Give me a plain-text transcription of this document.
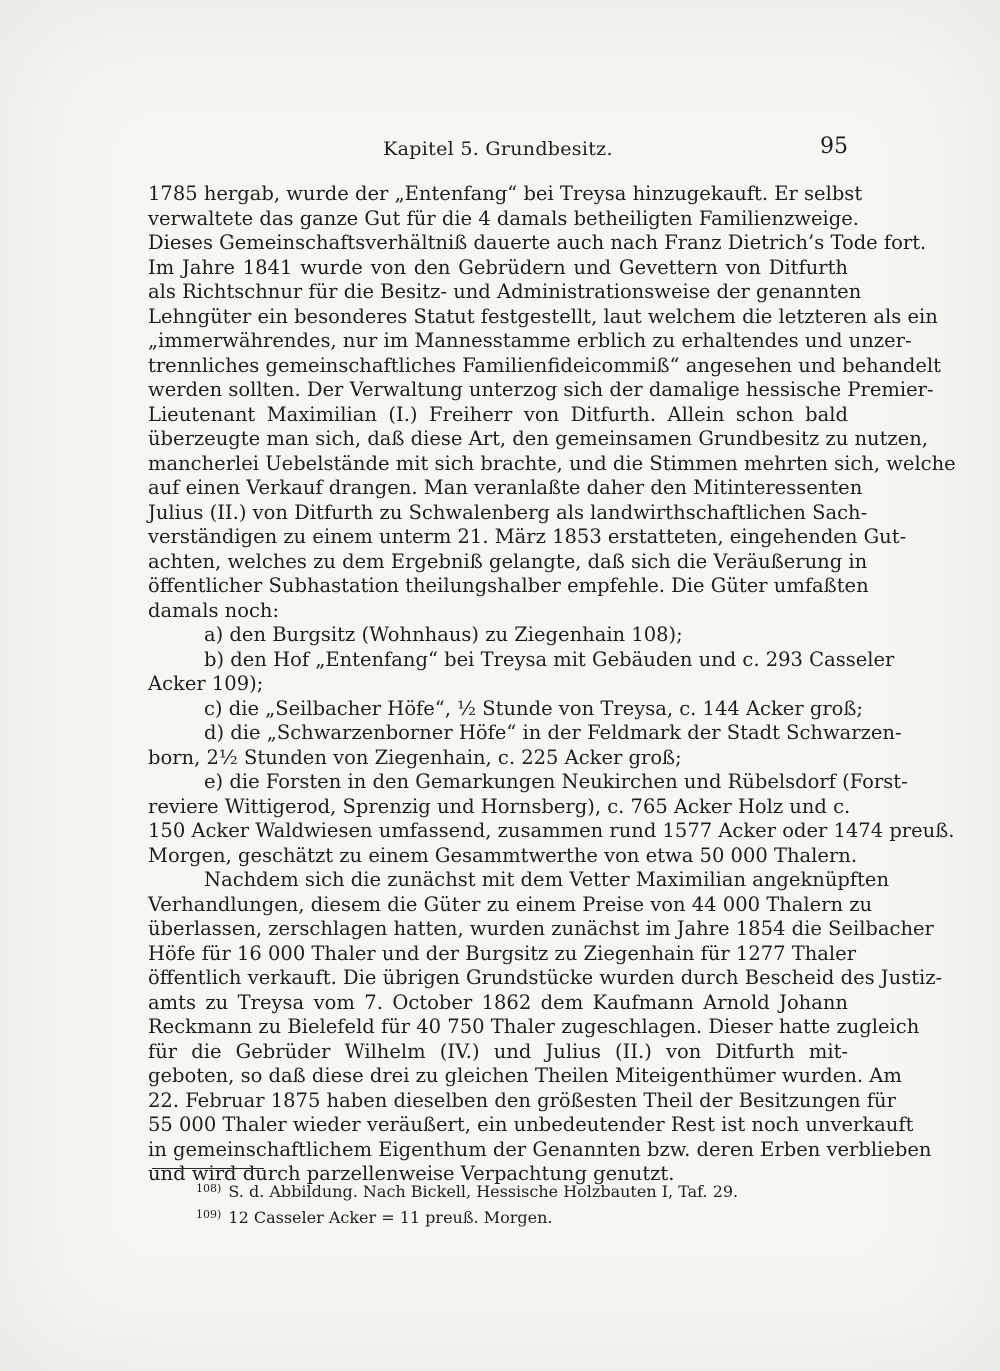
Kapitel 5. Grundbesitz.	95
1785 hergab, wurde der „Entenfang“ bei Treysa hinzugekauft. Er selbst
verwaltete das ganze Gut für die 4 damals betheiligten Familienzweige.
Dieses Gemeinschaftsverhältniß dauerte auch nach Franz Dietrich’s Tode fort.
Im Jahre 1841 wurde von den Gebrüdern und Gevettern von Ditfurth
als Richtschnur für die Besitz- und Administrationsweise der genannten
Lehngüter ein besonderes Statut festgestellt, laut welchem die letzteren als ein
„immerwährendes, nur im Mannesstamme erblich zu erhaltendes und unzer-
trennliches gemeinschaftliches Familienfideicommiß“ angesehen und behandelt
werden sollten. Der Verwaltung unterzog sich der damalige hessische Premier-
Lieutenant Maximilian (I.) Freiherr von Ditfurth. Allein schon bald
überzeugte man sich, daß diese Art, den gemeinsamen Grundbesitz zu nutzen,
mancherlei Uebelstände mit sich brachte, und die Stimmen mehrten sich, welche
auf einen Verkauf drangen. Man veranlaßte daher den Mitinteressenten
Julius (II.) von Ditfurth zu Schwalenberg als landwirthschaftlichen Sach-
verständigen zu einem unterm 21. März 1853 erstatteten, eingehenden Gut-
achten, welches zu dem Ergebniß gelangte, daß sich die Veräußerung in
öffentlicher Subhastation theilungshalber empfehle. Die Güter umfaßten
damals noch:
a) den Burgsitz (Wohnhaus) zu Ziegenhain 108);
b) den Hof „Entenfang“ bei Treysa mit Gebäuden und c. 293 Casseler
Acker 109);
c) die „Seilbacher Höfe“, ½ Stunde von Treysa, c. 144 Acker groß;
d) die „Schwarzenborner Höfe“ in der Feldmark der Stadt Schwarzen-
born, 2½ Stunden von Ziegenhain, c. 225 Acker groß;
e) die Forsten in den Gemarkungen Neukirchen und Rübelsdorf (Forst-
reviere Wittigerod, Sprenzig und Hornsberg), c. 765 Acker Holz und c.
150 Acker Waldwiesen umfassend, zusammen rund 1577 Acker oder 1474 preuß.
Morgen, geschätzt zu einem Gesammtwerthe von etwa 50 000 Thalern.
Nachdem sich die zunächst mit dem Vetter Maximilian angeknüpften
Verhandlungen, diesem die Güter zu einem Preise von 44 000 Thalern zu
überlassen, zerschlagen hatten, wurden zunächst im Jahre 1854 die Seilbacher
Höfe für 16 000 Thaler und der Burgsitz zu Ziegenhain für 1277 Thaler
öffentlich verkauft. Die übrigen Grundstücke wurden durch Bescheid des Justiz-
amts zu Treysa vom 7. October 1862 dem Kaufmann Arnold Johann
Reckmann zu Bielefeld für 40 750 Thaler zugeschlagen. Dieser hatte zugleich
für die Gebrüder Wilhelm (IV.) und Julius (II.) von Ditfurth mit-
geboten, so daß diese drei zu gleichen Theilen Miteigenthümer wurden. Am
22. Februar 1875 haben dieselben den größesten Theil der Besitzungen für
55 000 Thaler wieder veräußert, ein unbedeutender Rest ist noch unverkauft
in gemeinschaftlichem Eigenthum der Genannten bzw. deren Erben verblieben
und wird durch parzellenweise Verpachtung genutzt.
$^{108)}$ S. d. Abbildung. Nach Bickell, Hessische Holzbauten I, Taf. 29.
$^{109)}$ 12 Casseler Acker = 11 preuß. Morgen.
